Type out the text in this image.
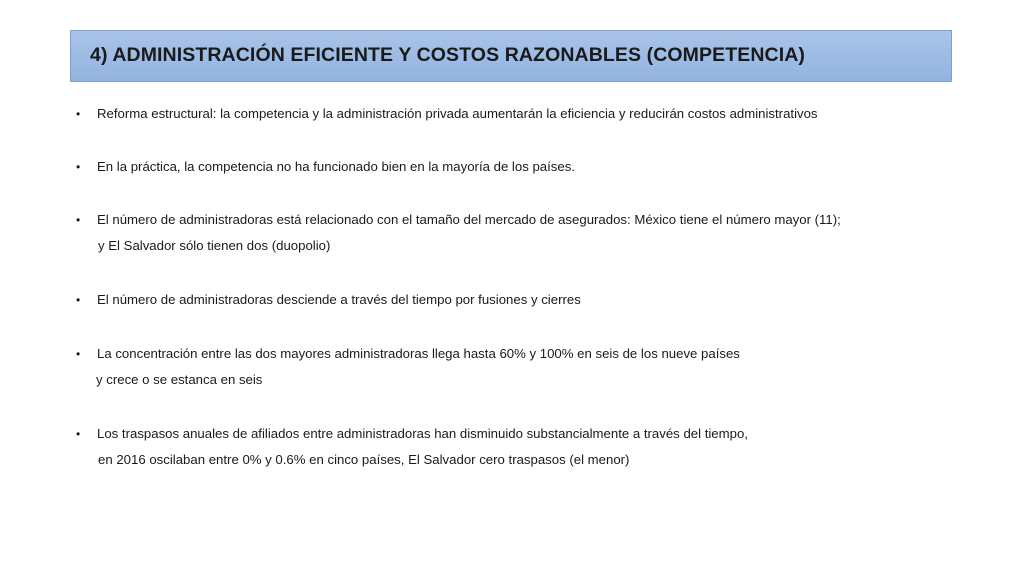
4) ADMINISTRACIÓN EFICIENTE Y COSTOS RAZONABLES (COMPETENCIA)
• Reforma estructural: la competencia y la administración privada aumentarán la eficiencia y reducirán costos administrativos
• En la práctica, la competencia no ha funcionado bien en la mayoría de los países.
• El número de administradoras está relacionado con el tamaño del mercado de asegurados: México tiene el número mayor (11);
y El Salvador sólo tienen dos (duopolio)
• El número de administradoras desciende a través del tiempo por fusiones y cierres
• La concentración entre las dos mayores administradoras llega hasta 60% y 100% en seis de los nueve países
y crece o se estanca en seis
• Los traspasos anuales de afiliados entre administradoras han disminuido substancialmente a través del tiempo,
en 2016 oscilaban entre 0% y 0.6% en cinco países, El Salvador cero traspasos (el menor)
